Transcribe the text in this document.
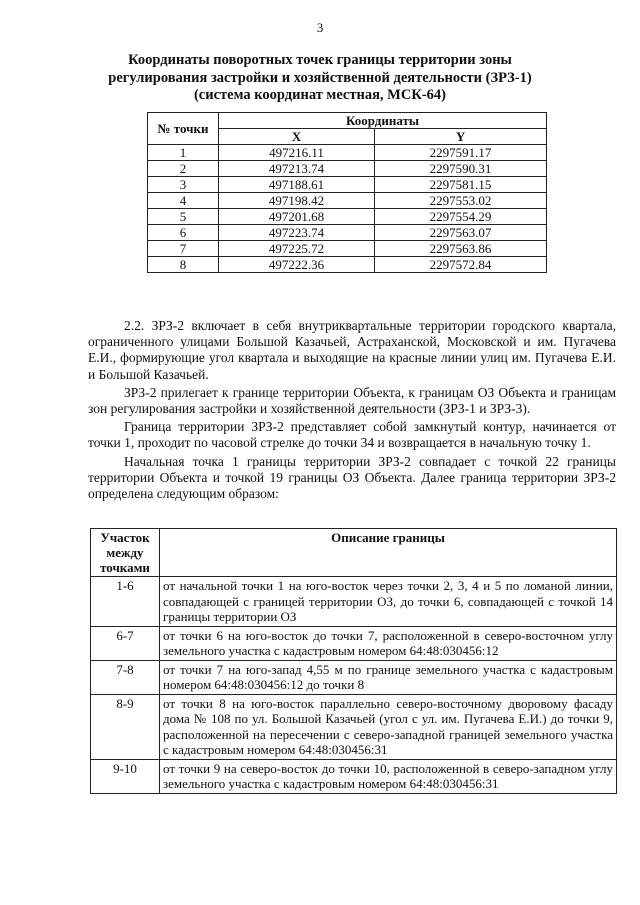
3
Координаты поворотных точек границы территории зоны
регулирования застройки и хозяйственной деятельности (ЗРЗ-1)
(система координат местная, МСК-64)
№ точки	Координаты	
	X	Y
1	497216.11	2297591.17
2	497213.74	2297590.31
3	497188.61	2297581.15
4	497198.42	2297553.02
5	497201.68	2297554.29
6	497223.74	2297563.07
7	497225.72	2297563.86
8	497222.36	2297572.84

2.2. ЗРЗ-2 включает в себя внутриквартальные территории городского квартала, ограниченного улицами Большой Казачьей, Астраханской, Московской и им. Пугачева Е.И., формирующие угол квартала и выходящие на красные линии улиц им. Пугачева Е.И. и Большой Казачьей.

ЗРЗ-2 прилегает к границе территории Объекта, к границам ОЗ Объекта и границам зон регулирования застройки и хозяйственной деятельности (ЗРЗ-1 и ЗРЗ-3).

Граница территории ЗРЗ-2 представляет собой замкнутый контур, начинается от точки 1, проходит по часовой стрелке до точки 34 и возвращается в начальную точку 1.

Начальная точка 1 границы территории ЗРЗ-2 совпадает с точкой 22 границы территории Объекта и точкой 19 границы ОЗ Объекта. Далее граница территории ЗРЗ-2 определена следующим образом:

Участок между точками	Описание границы
1-6	от начальной точки 1 на юго-восток через точки 2, 3, 4 и 5 по ломаной линии, совпадающей с границей территории ОЗ, до точки 6, совпадающей с точкой 14 границы территории ОЗ
6-7	от точки 6 на юго-восток до точки 7, расположенной в северо-восточном углу земельного участка с кадастровым номером 64:48:030456:12
7-8	от точки 7 на юго-запад 4,55 м по границе земельного участка с кадастровым номером 64:48:030456:12 до точки 8
8-9	от точки 8 на юго-восток параллельно северо-восточному дворовому фасаду дома № 108 по ул. Большой Казачьей (угол с ул. им. Пугачева Е.И.) до точки 9, расположенной на пересечении с северо-западной границей земельного участка с кадастровым номером 64:48:030456:31
9-10	от точки 9 на северо-восток до точки 10, расположенной в северо-западном углу земельного участка с кадастровым номером 64:48:030456:31
